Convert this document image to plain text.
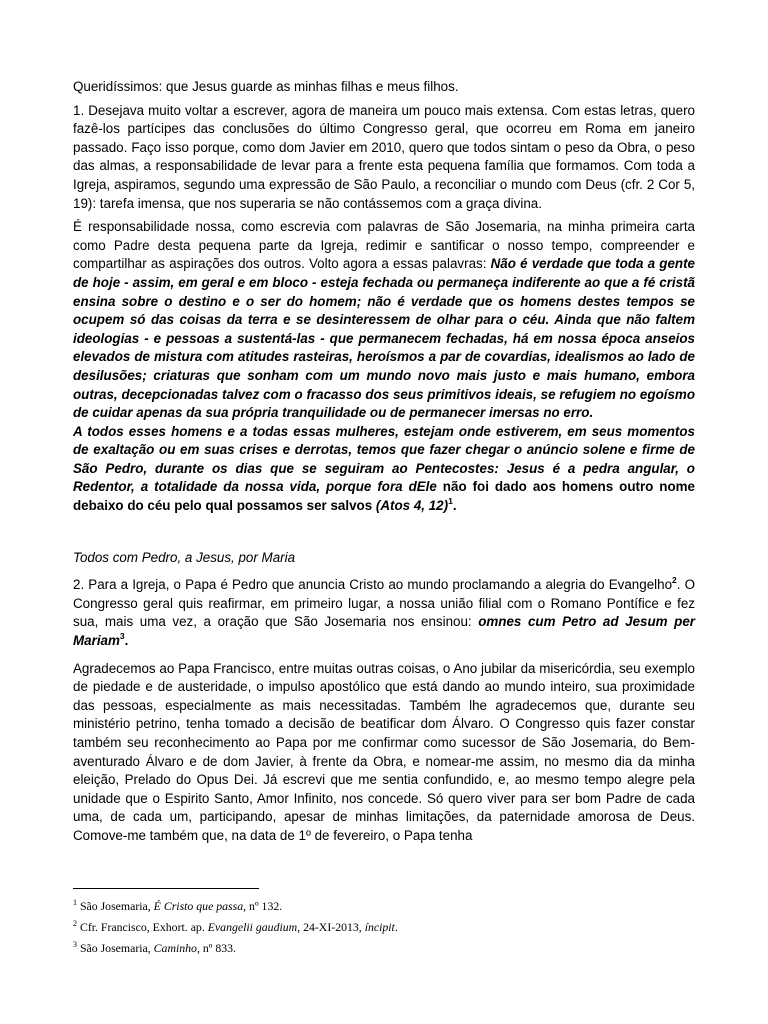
Queridíssimos: que Jesus guarde as minhas filhas e meus filhos.

1. Desejava muito voltar a escrever, agora de maneira um pouco mais extensa. Com estas letras, quero fazê-los partícipes das conclusões do último Congresso geral, que ocorreu em Roma em janeiro passado. Faço isso porque, como dom Javier em 2010, quero que todos sintam o peso da Obra, o peso das almas, a responsabilidade de levar para a frente esta pequena família que formamos. Com toda a Igreja, aspiramos, segundo uma expressão de São Paulo, a reconciliar o mundo com Deus (cfr. 2 Cor 5, 19): tarefa imensa, que nos superaria se não contássemos com a graça divina.

É responsabilidade nossa, como escrevia com palavras de São Josemaria, na minha primeira carta como Padre desta pequena parte da Igreja, redimir e santificar o nosso tempo, compreender e compartilhar as aspirações dos outros. Volto agora a essas palavras: Não é verdade que toda a gente de hoje - assim, em geral e em bloco - esteja fechada ou permaneça indiferente ao que a fé cristã ensina sobre o destino e o ser do homem; não é verdade que os homens destes tempos se ocupem só das coisas da terra e se desinteressem de olhar para o céu. Ainda que não faltem ideologias - e pessoas a sustentá-las - que permanecem fechadas, há em nossa época anseios elevados de mistura com atitudes rasteiras, heroísmos a par de covardias, idealismos ao lado de desilusões; criaturas que sonham com um mundo novo mais justo e mais humano, embora outras, decepcionadas talvez com o fracasso dos seus primitivos ideais, se refugiem no egoísmo de cuidar apenas da sua própria tranquilidade ou de permanecer imersas no erro.

A todos esses homens e a todas essas mulheres, estejam onde estiverem, em seus momentos de exaltação ou em suas crises e derrotas, temos que fazer chegar o anúncio solene e firme de São Pedro, durante os dias que se seguiram ao Pentecostes: Jesus é a pedra angular, o Redentor, a totalidade da nossa vida, porque fora dEle não foi dado aos homens outro nome debaixo do céu pelo qual possamos ser salvos (Atos 4, 12)$^1$.

Todos com Pedro, a Jesus, por Maria

2. Para a Igreja, o Papa é Pedro que anuncia Cristo ao mundo proclamando a alegria do Evangelho$^2$. O Congresso geral quis reafirmar, em primeiro lugar, a nossa união filial com o Romano Pontífice e fez sua, mais uma vez, a oração que São Josemaria nos ensinou: omnes cum Petro ad Jesum per Mariam$^3$.

Agradecemos ao Papa Francisco, entre muitas outras coisas, o Ano jubilar da misericórdia, seu exemplo de piedade e de austeridade, o impulso apostólico que está dando ao mundo inteiro, sua proximidade das pessoas, especialmente as mais necessitadas. Também lhe agradecemos que, durante seu ministério petrino, tenha tomado a decisão de beatificar dom Álvaro. O Congresso quis fazer constar também seu reconhecimento ao Papa por me confirmar como sucessor de São Josemaria, do Bem-aventurado Álvaro e de dom Javier, à frente da Obra, e nomear-me assim, no mesmo dia da minha eleição, Prelado do Opus Dei. Já escrevi que me sentia confundido, e, ao mesmo tempo alegre pela unidade que o Espirito Santo, Amor Infinito, nos concede. Só quero viver para ser bom Padre de cada uma, de cada um, participando, apesar de minhas limitações, da paternidade amorosa de Deus. Comove-me também que, na data de 1º de fevereiro, o Papa tenha

$^1$ São Josemaria, É Cristo que passa, nº 132.
$^2$ Cfr. Francisco, Exhort. ap. Evangelii gaudium, 24-XI-2013, íncipit.
$^3$ São Josemaria, Caminho, nº 833.
